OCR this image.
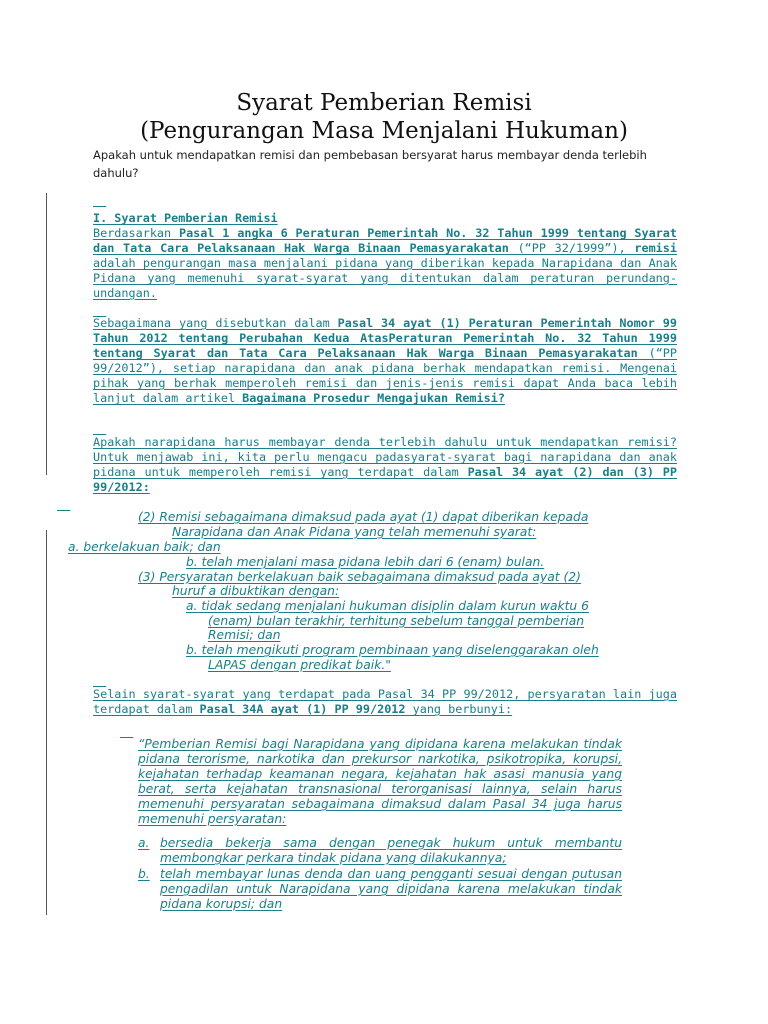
Syarat Pemberian Remisi
(Pengurangan Masa Menjalani Hukuman)
Apakah untuk mendapatkan remisi dan pembebasan bersyarat harus membayar denda terlebih dahulu?

I. Syarat Pemberian Remisi
Berdasarkan Pasal 1 angka 6 Peraturan Pemerintah No. 32 Tahun 1999 tentang Syarat dan Tata Cara Pelaksanaan Hak Warga Binaan Pemasyarakatan (“PP 32/1999”), remisi adalah pengurangan masa menjalani pidana yang diberikan kepada Narapidana dan Anak Pidana yang memenuhi syarat-syarat yang ditentukan dalam peraturan perundang-undangan.

Sebagaimana yang disebutkan dalam Pasal 34 ayat (1) Peraturan Pemerintah Nomor 99 Tahun 2012 tentang Perubahan Kedua AtasPeraturan Pemerintah No. 32 Tahun 1999 tentang Syarat dan Tata Cara Pelaksanaan Hak Warga Binaan Pemasyarakatan (“PP 99/2012”), setiap narapidana dan anak pidana berhak mendapatkan remisi. Mengenai pihak yang berhak memperoleh remisi dan jenis-jenis remisi dapat Anda baca lebih lanjut dalam artikel Bagaimana Prosedur Mengajukan Remisi?

Apakah narapidana harus membayar denda terlebih dahulu untuk mendapatkan remisi? Untuk menjawab ini, kita perlu mengacu padasyarat-syarat bagi narapidana dan anak pidana untuk memperoleh remisi yang terdapat dalam Pasal 34 ayat (2) dan (3) PP 99/2012:

(2) Remisi sebagaimana dimaksud pada ayat (1) dapat diberikan kepada
Narapidana dan Anak Pidana yang telah memenuhi syarat:
a. berkelakuan baik; dan
b. telah menjalani masa pidana lebih dari 6 (enam) bulan.
(3) Persyaratan berkelakuan baik sebagaimana dimaksud pada ayat (2)
huruf a dibuktikan dengan:
a. tidak sedang menjalani hukuman disiplin dalam kurun waktu 6
(enam) bulan terakhir, terhitung sebelum tanggal pemberian
Remisi; dan
b. telah mengikuti program pembinaan yang diselenggarakan oleh
LAPAS dengan predikat baik."

Selain syarat-syarat yang terdapat pada Pasal 34 PP 99/2012, persyaratan lain juga terdapat dalam Pasal 34A ayat (1) PP 99/2012 yang berbunyi:

“Pemberian Remisi bagi Narapidana yang dipidana karena melakukan tindak pidana terorisme, narkotika dan prekursor narkotika, psikotropika, korupsi, kejahatan terhadap keamanan negara, kejahatan hak asasi manusia yang berat, serta kejahatan transnasional terorganisasi lainnya, selain harus memenuhi persyaratan sebagaimana dimaksud dalam Pasal 34 juga harus memenuhi persyaratan:
a. bersedia bekerja sama dengan penegak hukum untuk membantu membongkar perkara tindak pidana yang dilakukannya;
b. telah membayar lunas denda dan uang pengganti sesuai dengan putusan pengadilan untuk Narapidana yang dipidana karena melakukan tindak pidana korupsi; dan
